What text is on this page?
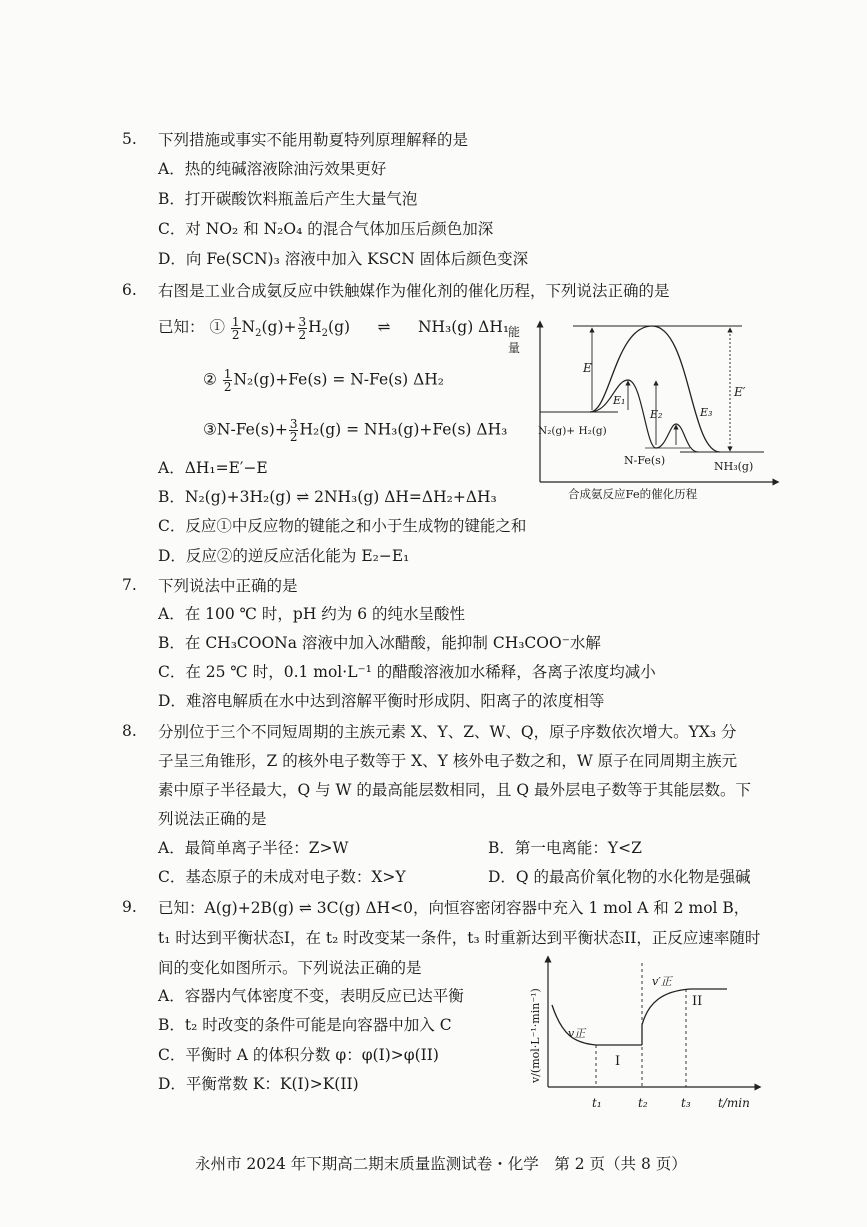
5. 下列措施或事实不能用勒夏特列原理解释的是
A．热的纯碱溶液除油污效果更好
B．打开碳酸饮料瓶盖后产生大量气泡
C．对 NO₂ 和 N₂O₄ 的混合气体加压后颜色加深
D．向 Fe(SCN)₃ 溶液中加入 KSCN 固体后颜色变深
6. 右图是工业合成氨反应中铁触媒作为催化剂的催化历程，下列说法正确的是
已知： ① $\frac{1}{2} N_2(g)+ \frac{3}{2} H_2(g)$ ⇌ NH₃(g) ΔH₁
② $\frac{1}{2} N_2(g)+Fe(s) = N-Fe(s)$ ΔH₂
③N-Fe(s)+ $\frac{3}{2} H_2(g) = NH_3(g)+Fe(s)$ ΔH₃
A．ΔH₁=E′−E
B．N₂(g)+3H₂(g) ⇌ 2NH₃(g) ΔH=ΔH₂+ΔH₃
C．反应①中反应物的键能之和小于生成物的键能之和
D．反应②的逆反应活化能为 E₂−E₁
能
量
E
E′
E₁
E₂	E₃
N₂(g)+ H₂(g)
N-Fe(s)	NH₃(g)
合成氨反应Fe的催化历程
7. 下列说法中正确的是
A．在 100 ℃ 时，pH 约为 6 的纯水呈酸性
B．在 CH₃COONa 溶液中加入冰醋酸，能抑制 CH₃COO⁻水解
C．在 25 ℃ 时，0.1 mol·L⁻¹ 的醋酸溶液加水稀释，各离子浓度均减小
D．难溶电解质在水中达到溶解平衡时形成阴、阳离子的浓度相等
8. 分别位于三个不同短周期的主族元素 X、Y、Z、W、Q，原子序数依次增大。YX₃ 分
子呈三角锥形，Z 的核外电子数等于 X、Y 核外电子数之和，W 原子在同周期主族元
素中原子半径最大，Q 与 W 的最高能层数相同，且 Q 最外层电子数等于其能层数。下
列说法正确的是
A．最简单离子半径：Z>W	B．第一电离能：Y<Z
C．基态原子的未成对电子数：X>Y	D．Q 的最高价氧化物的水化物是强碱
9. 已知：A(g)+2B(g) ⇌ 3C(g) ΔH<0，向恒容密闭容器中充入 1 mol A 和 2 mol B，
t₁ 时达到平衡状态I，在 t₂ 时改变某一条件，t₃ 时重新达到平衡状态II，正反应速率随时
间的变化如图所示。下列说法正确的是
A．容器内气体密度不变，表明反应已达平衡
B．t₂ 时改变的条件可能是向容器中加入 C
C．平衡时 A 的体积分数 φ：φ(I)>φ(II)
D．平衡常数 K：K(I)>K(II)
v/(mol·L⁻¹·min⁻¹) v正
v′正
I
II
t₁	t₂	t₃ t/min
永州市 2024 年下期高二期末质量监测试卷・化学　第 2 页（共 8 页）
